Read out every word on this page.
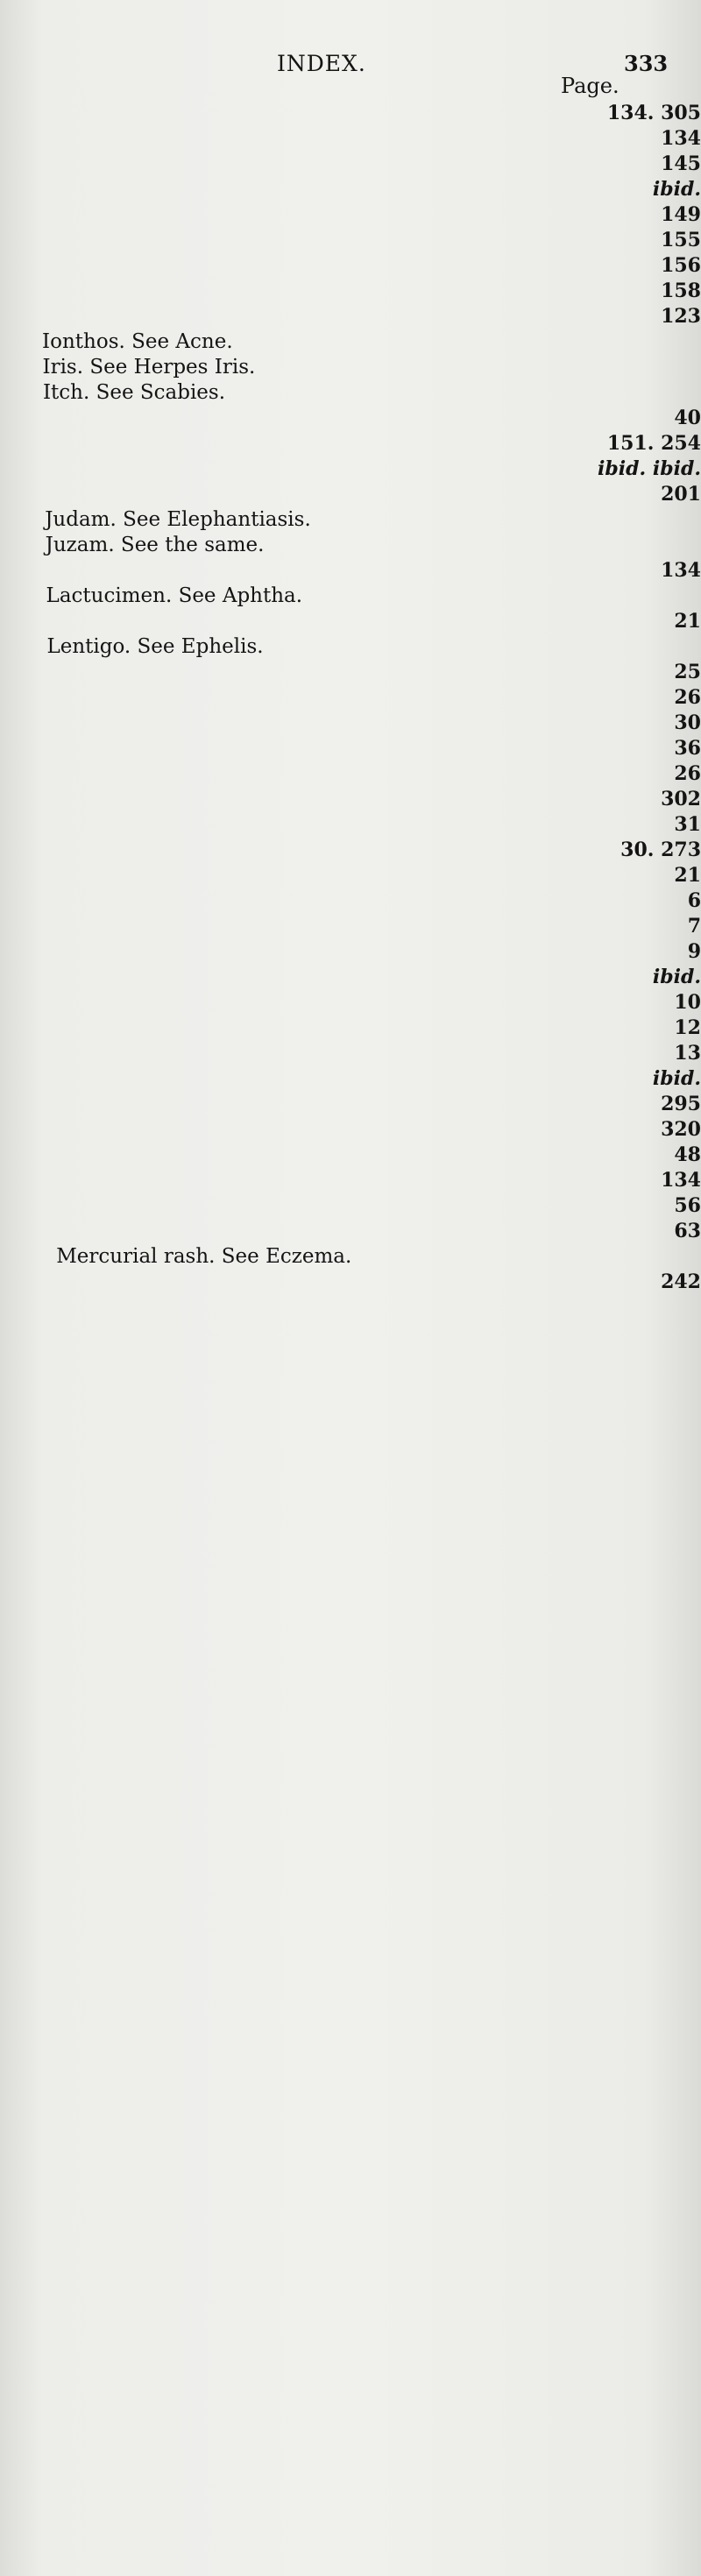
INDEX.	333
Page.
134. 305
134
145
ibid.
149
155
156
158
123
Ionthos. See Acne.
Iris. See Herpes Iris.
Itch. See Scabies.
40
151. 254
ibid. ibid.
201
Judam. See Elephantiasis.
Juzam. See the same.
134
Lactucimen. See Aphtha.
21
Lentigo. See Ephelis.
25
26
30
36
26
302
31
30. 273
21
6
7
9
ibid.
10
12
13
ibid.
295
320
48
134
56
63
Mercurial rash. See Eczema.
242
